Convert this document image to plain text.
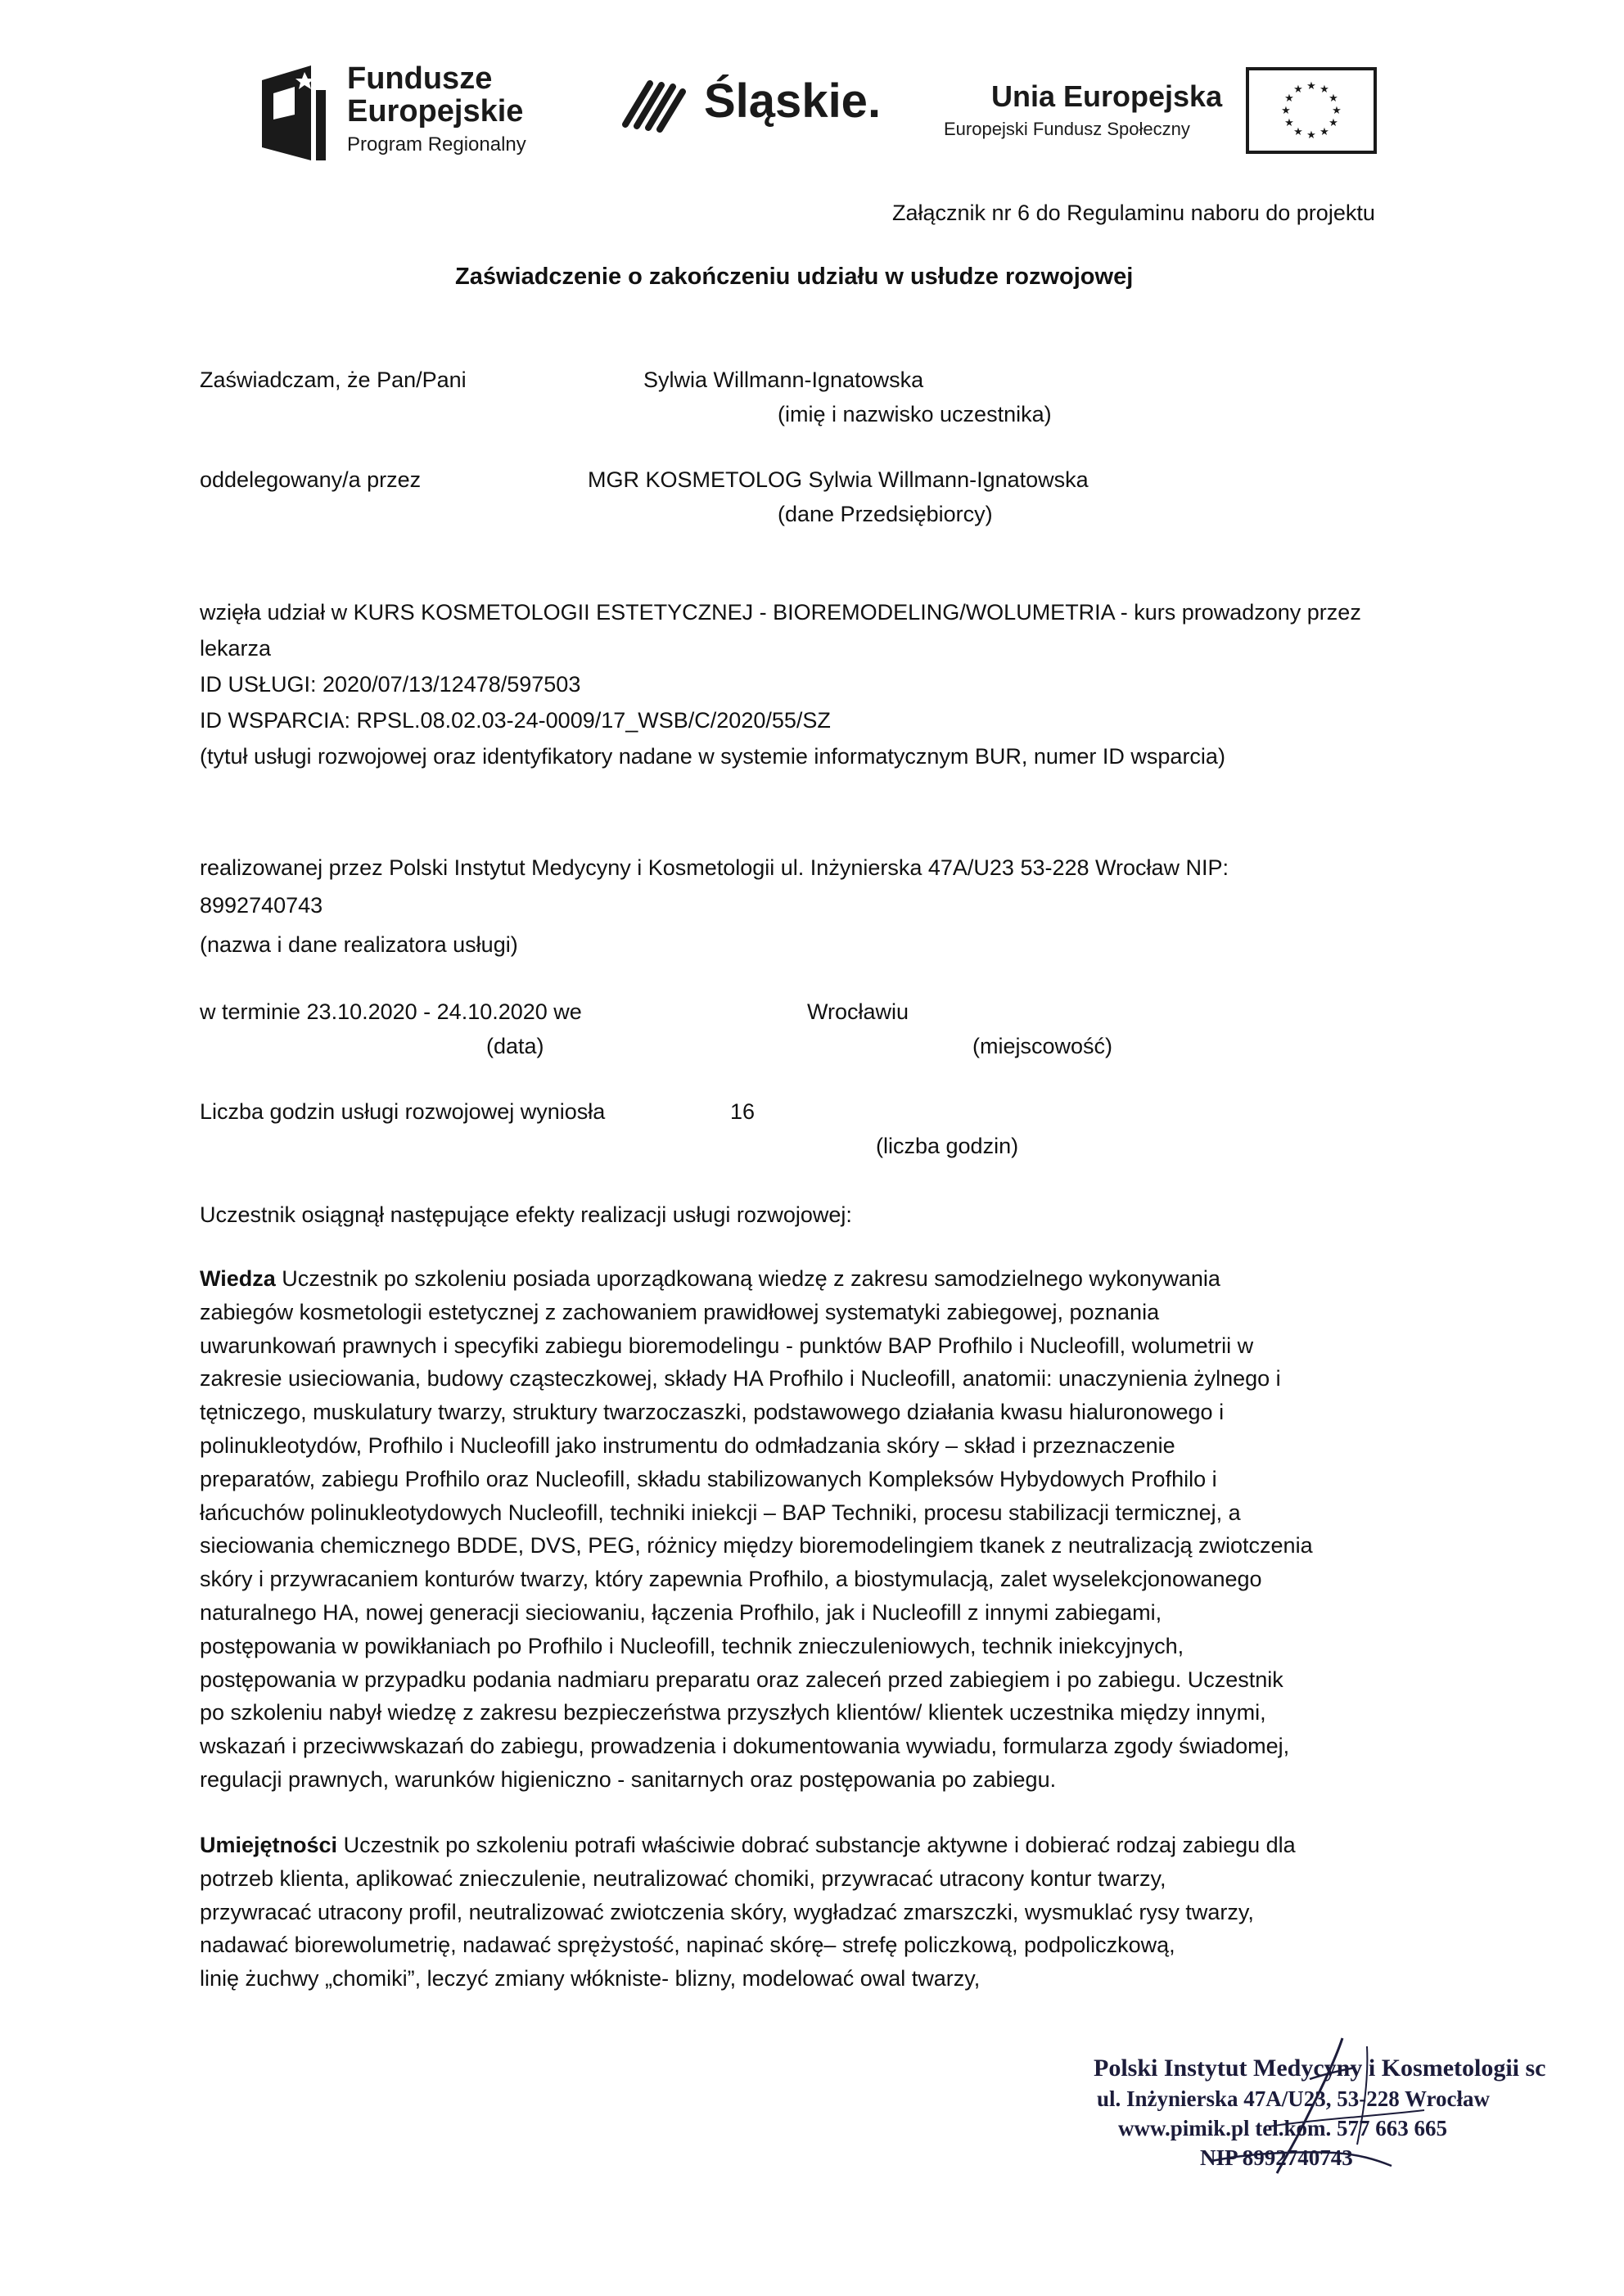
Fundusze
Europejskie
Program Regionalny
Śląskie.	Unia Europejska
Europejski Fundusz Społeczny
★ ★
★
★
★
★
★
★
★
★
★
★
Załącznik nr 6 do Regulaminu naboru do projektu
Zaświadczenie o zakończeniu udziału w usłudze rozwojowej
Zaświadczam, że Pan/Pani	Sylwia Willmann-Ignatowska
(imię i nazwisko uczestnika)
oddelegowany/a przez	MGR KOSMETOLOG Sylwia Willmann-Ignatowska
(dane Przedsiębiorcy)
wzięła udział w KURS KOSMETOLOGII ESTETYCZNEJ - BIOREMODELING/WOLUMETRIA - kurs prowadzony przez
lekarza
ID USŁUGI: 2020/07/13/12478/597503
ID WSPARCIA: RPSL.08.02.03-24-0009/17_WSB/C/2020/55/SZ
(tytuł usługi rozwojowej oraz identyfikatory nadane w systemie informatycznym BUR, numer ID wsparcia)
realizowanej przez Polski Instytut Medycyny i Kosmetologii ul. Inżynierska 47A/U23 53-228 Wrocław NIP:
8992740743
(nazwa i dane realizatora usługi)
w terminie 23.10.2020 - 24.10.2020 we	Wrocławiu
(data)	(miejscowość)
Liczba godzin usługi rozwojowej wyniosła	16
(liczba godzin)
Uczestnik osiągnął następujące efekty realizacji usługi rozwojowej:
Wiedza Uczestnik po szkoleniu posiada uporządkowaną wiedzę z zakresu samodzielnego wykonywania
zabiegów kosmetologii estetycznej z zachowaniem prawidłowej systematyki zabiegowej, poznania
uwarunkowań prawnych i specyfiki zabiegu bioremodelingu - punktów BAP Profhilo i Nucleofill, wolumetrii w
zakresie usieciowania, budowy cząsteczkowej, składy HA Profhilo i Nucleofill, anatomii: unaczynienia żylnego i
tętniczego, muskulatury twarzy, struktury twarzoczaszki, podstawowego działania kwasu hialuronowego i
polinukleotydów, Profhilo i Nucleofill jako instrumentu do odmładzania skóry – skład i przeznaczenie
preparatów, zabiegu Profhilo oraz Nucleofill, składu stabilizowanych Kompleksów Hybydowych Profhilo i
łańcuchów polinukleotydowych Nucleofill, techniki iniekcji – BAP Techniki, procesu stabilizacji termicznej, a
sieciowania chemicznego BDDE, DVS, PEG, różnicy między bioremodelingiem tkanek z neutralizacją zwiotczenia
skóry i przywracaniem konturów twarzy, który zapewnia Profhilo, a biostymulacją, zalet wyselekcjonowanego
naturalnego HA, nowej generacji sieciowaniu, łączenia Profhilo, jak i Nucleofill z innymi zabiegami,
postępowania w powikłaniach po Profhilo i Nucleofill, technik znieczuleniowych, technik iniekcyjnych,
postępowania w przypadku podania nadmiaru preparatu oraz zaleceń przed zabiegiem i po zabiegu. Uczestnik
po szkoleniu nabył wiedzę z zakresu bezpieczeństwa przyszłych klientów/ klientek uczestnika między innymi,
wskazań i przeciwwskazań do zabiegu, prowadzenia i dokumentowania wywiadu, formularza zgody świadomej,
regulacji prawnych, warunków higieniczno - sanitarnych oraz postępowania po zabiegu.
Umiejętności Uczestnik po szkoleniu potrafi właściwie dobrać substancje aktywne i dobierać rodzaj zabiegu dla
potrzeb klienta, aplikować znieczulenie, neutralizować chomiki, przywracać utracony kontur twarzy,
przywracać utracony profil, neutralizować zwiotczenia skóry, wygładzać zmarszczki, wysmuklać rysy twarzy,
nadawać biorewolumetrię, nadawać sprężystość, napinać skórę– strefę policzkową, podpoliczkową,
linię żuchwy „chomiki”, leczyć zmiany włókniste- blizny, modelować owal twarzy,
Polski Instytut Medycyny i Kosmetologii sc
ul. Inżynierska 47A/U23, 53-228 Wrocław
www.pimik.pl tel.kom. 577 663 665
NIP 8992740743
